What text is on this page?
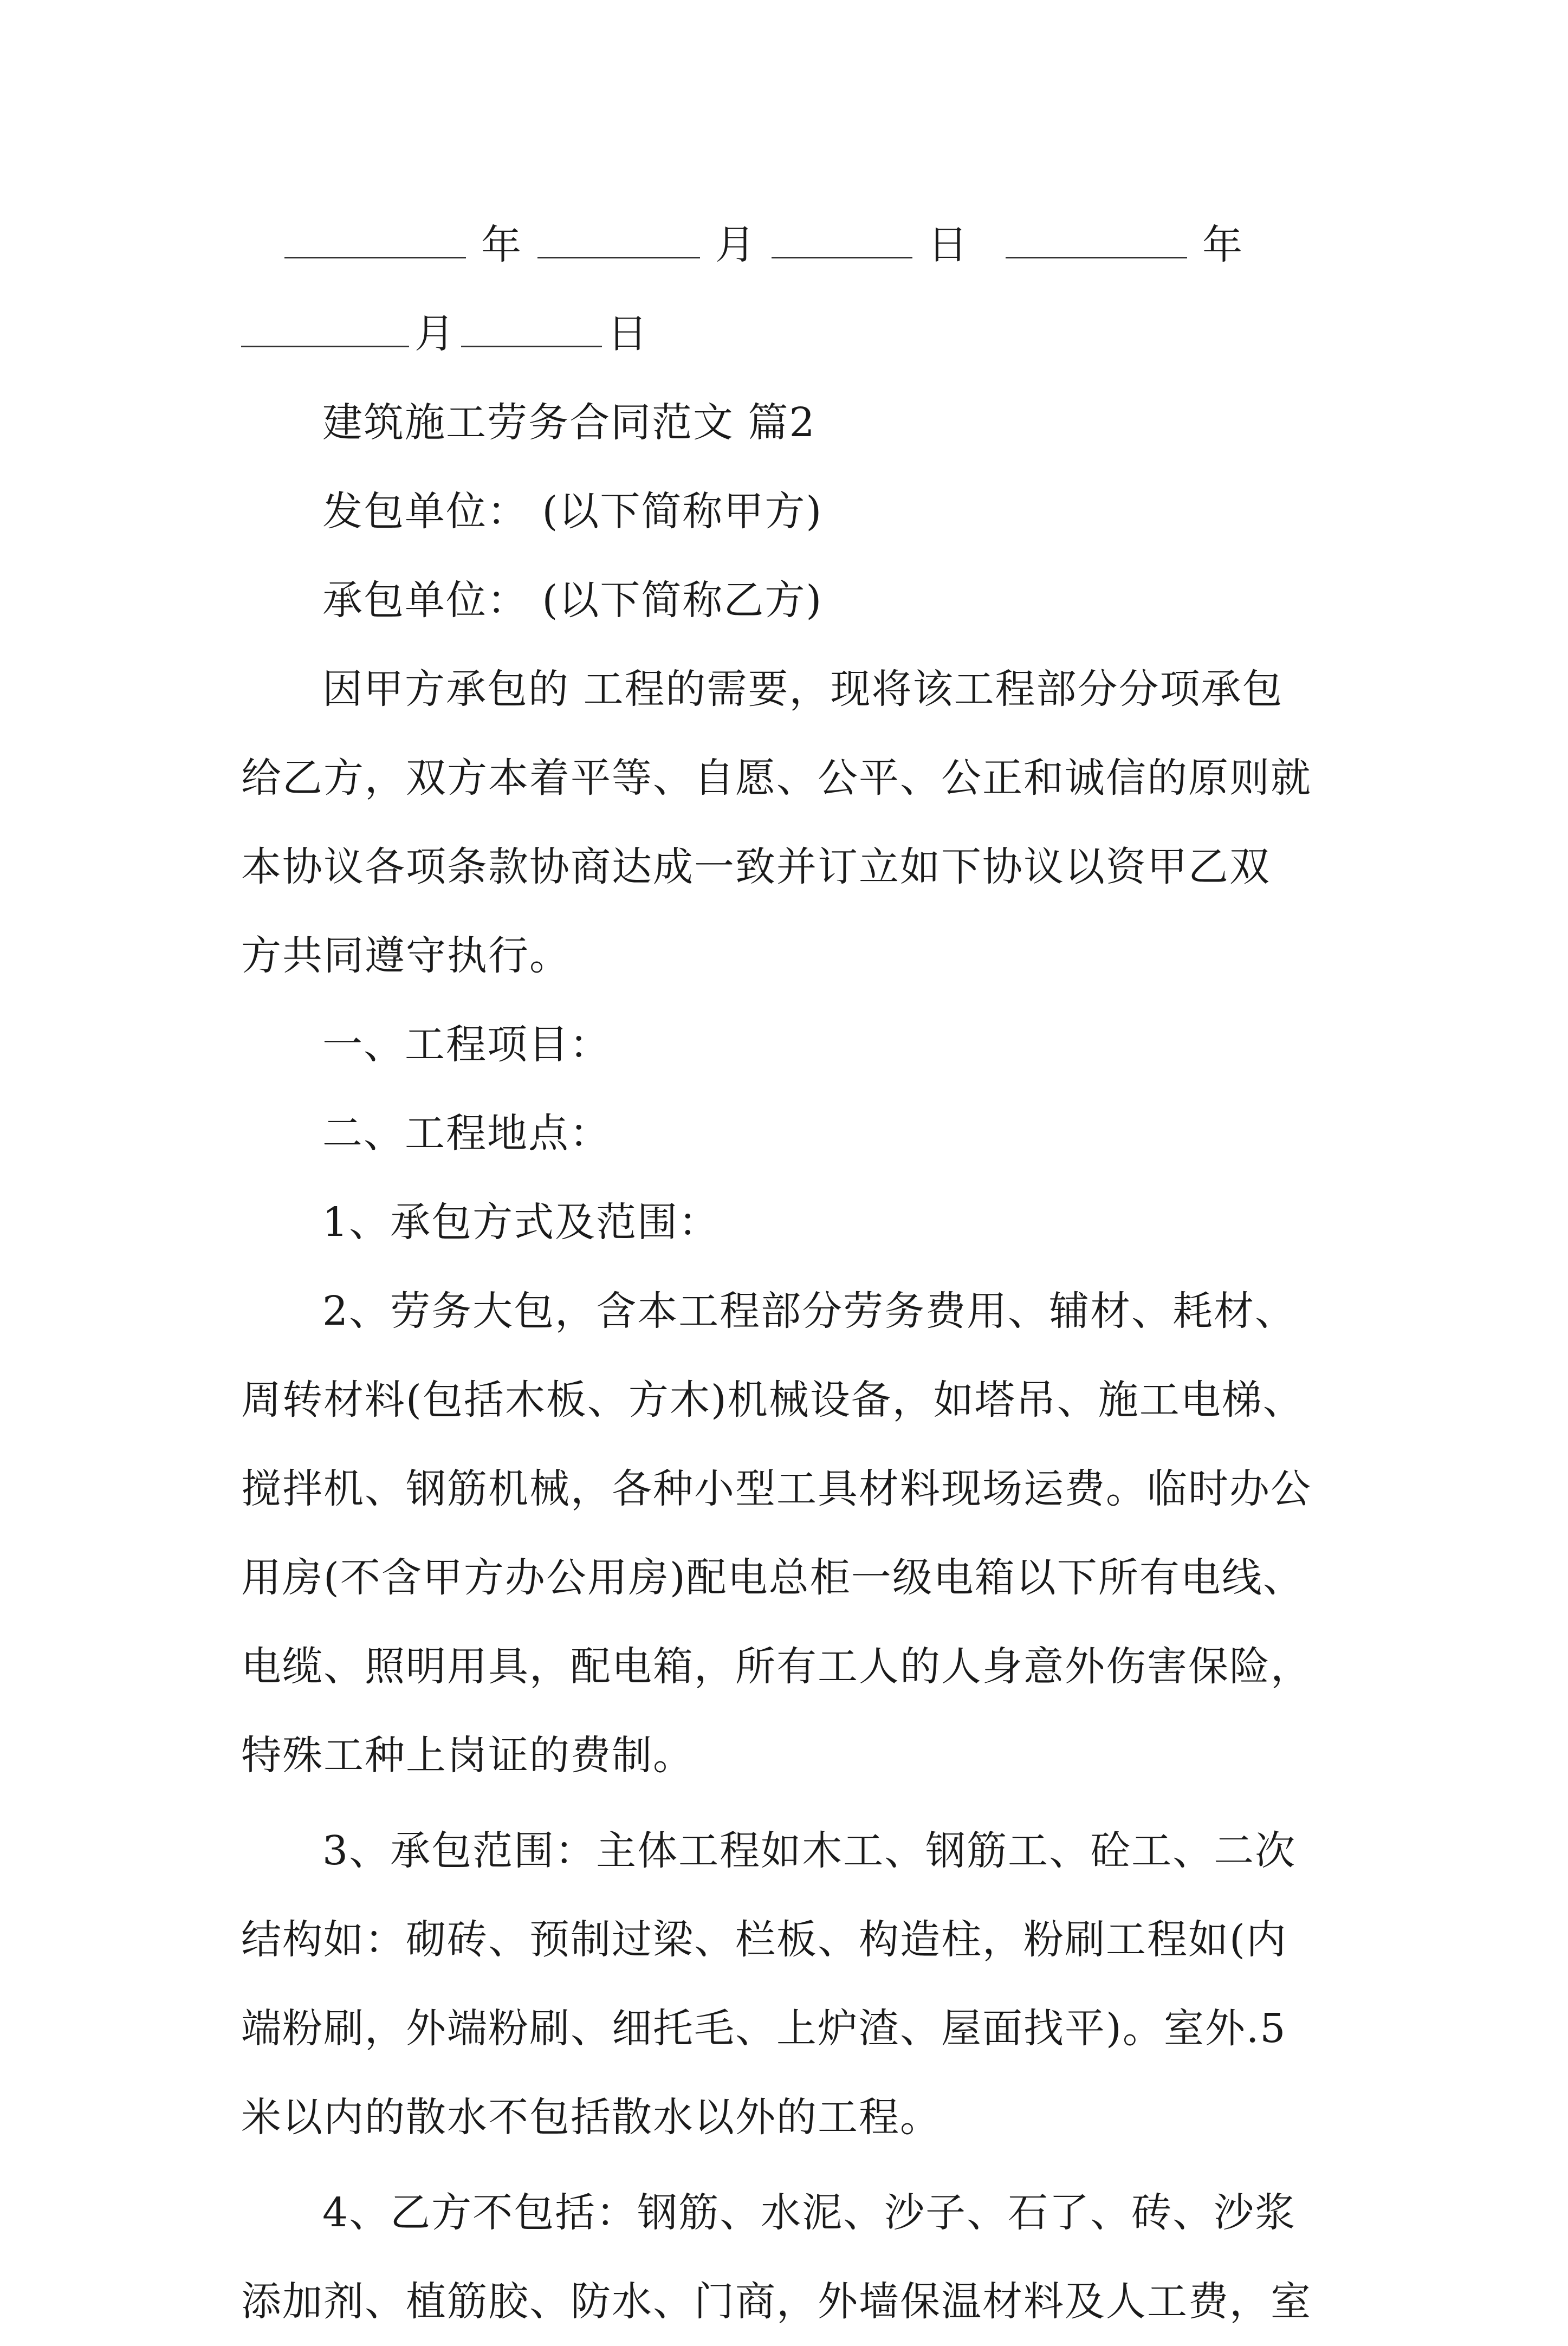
年	月	日	年
月	日
建筑施工劳务合同范文 篇2
发包单位： (以下简称甲方)
承包单位： (以下简称乙方)
因甲方承包的 工程的需要，现将该工程部分分项承包
给乙方，双方本着平等、自愿、公平、公正和诚信的原则就
本协议各项条款协商达成一致并订立如下协议以资甲乙双
方共同遵守执行。
一、工程项目：
二、工程地点：
1、承包方式及范围：
2、劳务大包，含本工程部分劳务费用、辅材、耗材、
周转材料(包括木板、方木)机械设备，如塔吊、施工电梯、
搅拌机、钢筋机械，各种小型工具材料现场运费。临时办公
用房(不含甲方办公用房)配电总柜一级电箱以下所有电线、
电缆、照明用具，配电箱，所有工人的人身意外伤害保险，
特殊工种上岗证的费制。
3、承包范围：主体工程如木工、钢筋工、砼工、二次
结构如：砌砖、预制过梁、栏板、构造柱，粉刷工程如(内
端粉刷，外端粉刷、细托毛、上炉渣、屋面找平)。室外.5
米以内的散水不包括散水以外的工程。
4、乙方不包括：钢筋、水泥、沙子、石了、砖、沙浆
添加剂、植筋胶、防水、门商，外墙保温材料及人工费，室
